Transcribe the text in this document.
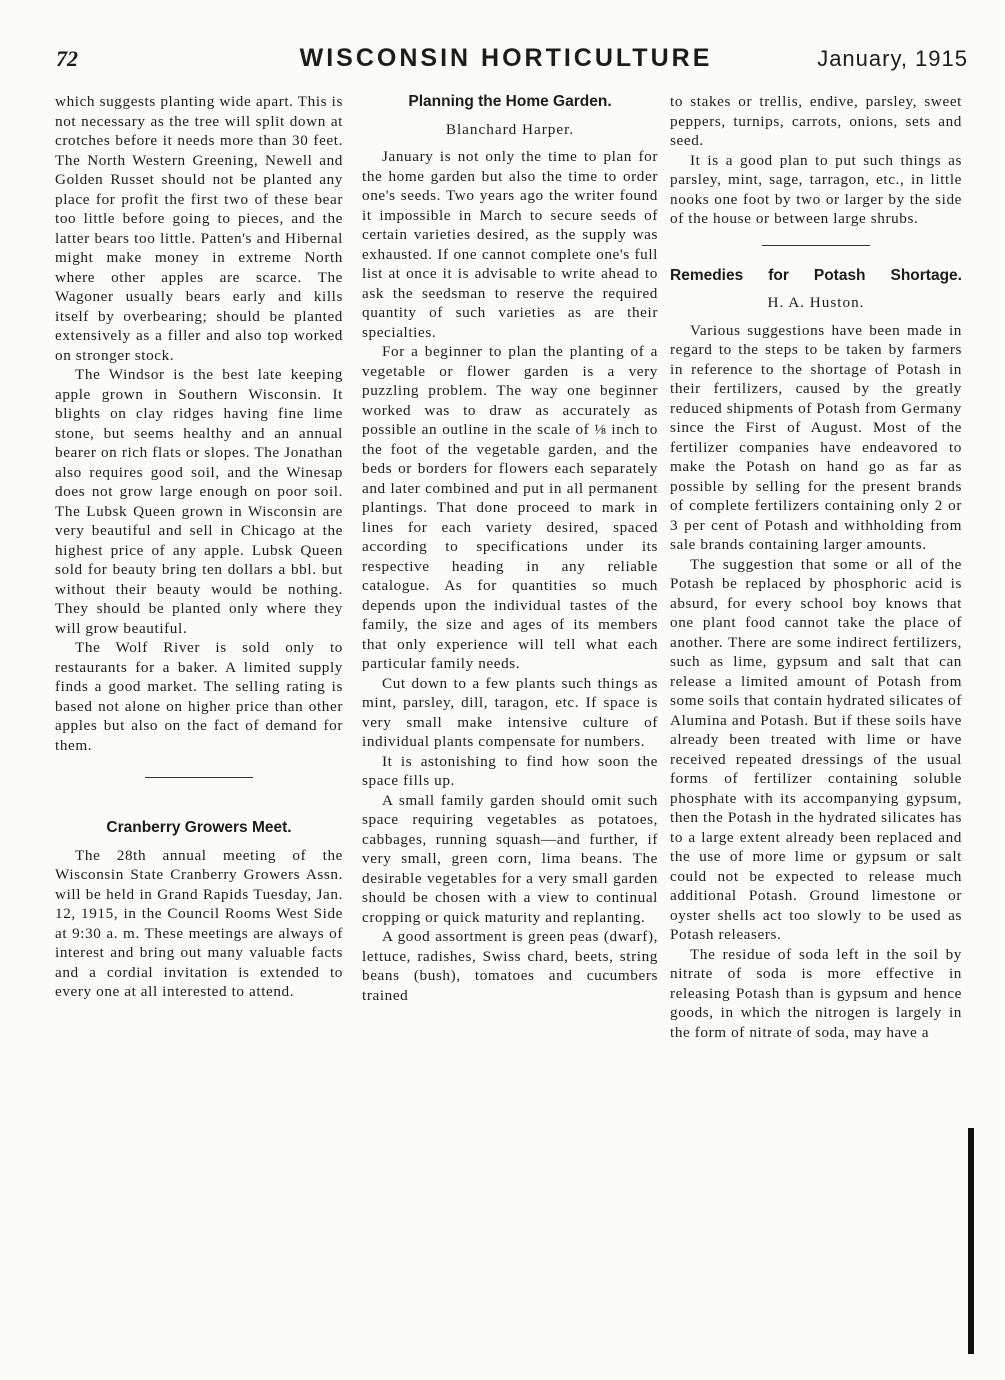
72	WISCONSIN HORTICULTURE	January, 1915

which suggests planting wide apart. This is not necessary as the tree will split down at crotches before it needs more than 30 feet. The North Western Greening, Newell and Golden Russet should not be planted any place for profit the first two of these bear too little before going to pieces, and the latter bears too little. Patten's and Hibernal might make money in extreme North where other apples are scarce. The Wagoner usually bears early and kills itself by overbearing; should be planted extensively as a filler and also top worked on stronger stock.

The Windsor is the best late keeping apple grown in Southern Wisconsin. It blights on clay ridges having fine lime stone, but seems healthy and an annual bearer on rich flats or slopes. The Jonathan also requires good soil, and the Winesap does not grow large enough on poor soil. The Lubsk Queen grown in Wisconsin are very beautiful and sell in Chicago at the highest price of any apple. Lubsk Queen sold for beauty bring ten dollars a bbl. but without their beauty would be nothing. They should be planted only where they will grow beautiful.

The Wolf River is sold only to restaurants for a baker. A limited supply finds a good market. The selling rating is based not alone on higher price than other apples but also on the fact of demand for them.

Cranberry Growers Meet.

The 28th annual meeting of the Wisconsin State Cranberry Growers Assn. will be held in Grand Rapids Tuesday, Jan. 12, 1915, in the Council Rooms West Side at 9:30 a. m. These meetings are always of interest and bring out many valuable facts and a cordial invitation is extended to every one at all interested to attend.

Planning the Home Garden.
Blanchard Harper.

January is not only the time to plan for the home garden but also the time to order one's seeds. Two years ago the writer found it impossible in March to secure seeds of certain varieties desired, as the supply was exhausted. If one cannot complete one's full list at once it is advisable to write ahead to ask the seedsman to reserve the required quantity of such varieties as are their specialties.

For a beginner to plan the planting of a vegetable or flower garden is a very puzzling problem. The way one beginner worked was to draw as accurately as possible an outline in the scale of ⅛ inch to the foot of the vegetable garden, and the beds or borders for flowers each separately and later combined and put in all permanent plantings. That done proceed to mark in lines for each variety desired, spaced according to specifications under its respective heading in any reliable catalogue. As for quantities so much depends upon the individual tastes of the family, the size and ages of its members that only experience will tell what each particular family needs.

Cut down to a few plants such things as mint, parsley, dill, taragon, etc. If space is very small make intensive culture of individual plants compensate for numbers.

It is astonishing to find how soon the space fills up.

A small family garden should omit such space requiring vegetables as potatoes, cabbages, running squash—and further, if very small, green corn, lima beans. The desirable vegetables for a very small garden should be chosen with a view to continual cropping or quick maturity and replanting.

A good assortment is green peas (dwarf), lettuce, radishes, Swiss chard, beets, string beans (bush), tomatoes and cucumbers trained

to stakes or trellis, endive, parsley, sweet peppers, turnips, carrots, onions, sets and seed.

It is a good plan to put such things as parsley, mint, sage, tarragon, etc., in little nooks one foot by two or larger by the side of the house or between large shrubs.

Remedies for Potash Shortage.
H. A. Huston.

Various suggestions have been made in regard to the steps to be taken by farmers in reference to the shortage of Potash in their fertilizers, caused by the greatly reduced shipments of Potash from Germany since the First of August. Most of the fertilizer companies have endeavored to make the Potash on hand go as far as possible by selling for the present brands of complete fertilizers containing only 2 or 3 per cent of Potash and withholding from sale brands containing larger amounts.

The suggestion that some or all of the Potash be replaced by phosphoric acid is absurd, for every school boy knows that one plant food cannot take the place of another. There are some indirect fertilizers, such as lime, gypsum and salt that can release a limited amount of Potash from some soils that contain hydrated silicates of Alumina and Potash. But if these soils have already been treated with lime or have received repeated dressings of the usual forms of fertilizer containing soluble phosphate with its accompanying gypsum, then the Potash in the hydrated silicates has to a large extent already been replaced and the use of more lime or gypsum or salt could not be expected to release much additional Potash. Ground limestone or oyster shells act too slowly to be used as Potash releasers.

The residue of soda left in the soil by nitrate of soda is more effective in releasing Potash than is gypsum and hence goods, in which the nitrogen is largely in the form of nitrate of soda, may have a
